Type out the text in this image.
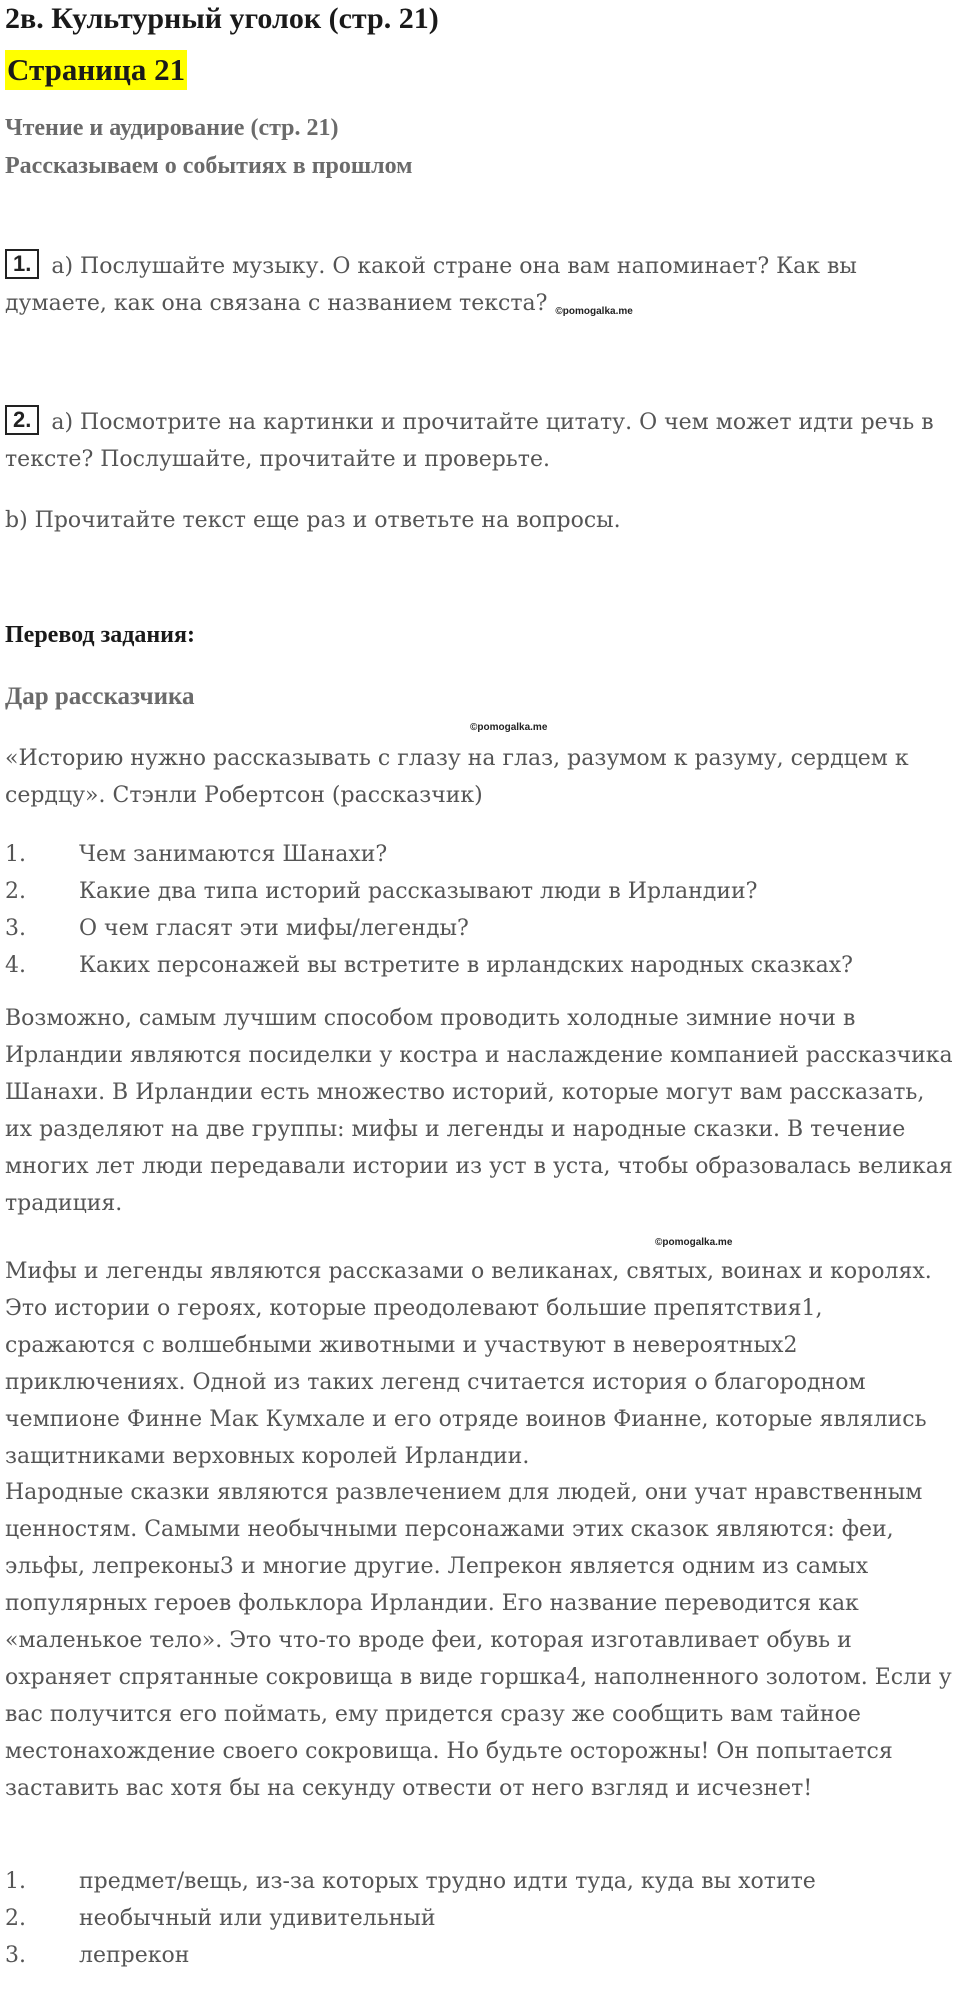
2в. Культурный уголок (стр. 21)
Страница 21
Чтение и аудирование (стр. 21)
Рассказываем о событиях в прошлом
1. a) Послушайте музыку. О какой стране она вам напоминает? Как вы думаете, как она связана с названием текста? ©pomogalka.me
2. a) Посмотрите на картинки и прочитайте цитату. О чем может идти речь в тексте? Послушайте, прочитайте и проверьте.
b) Прочитайте текст еще раз и ответьте на вопросы.
Перевод задания:
Дар рассказчика
©pomogalka.me
«Историю нужно рассказывать с глазу на глаз, разумом к разуму, сердцем к сердцу». Стэнли Робертсон (рассказчик)
1. Чем занимаются Шанахи?
2. Какие два типа историй рассказывают люди в Ирландии?
3. О чем гласят эти мифы/легенды?
4. Каких персонажей вы встретите в ирландских народных сказках?
Возможно, самым лучшим способом проводить холодные зимние ночи в Ирландии являются посиделки у костра и наслаждение компанией рассказчика Шанахи. В Ирландии есть множество историй, которые могут вам рассказать, их разделяют на две группы: мифы и легенды и народные сказки. В течение многих лет люди передавали истории из уст в уста, чтобы образовалась великая традиция.
©pomogalka.me
Мифы и легенды являются рассказами о великанах, святых, воинах и королях. Это истории о героях, которые преодолевают большие препятствия1, сражаются с волшебными животными и участвуют в невероятных2 приключениях. Одной из таких легенд считается история о благородном чемпионе Финне Мак Кумхале и его отряде воинов Фианне, которые являлись защитниками верховных королей Ирландии.
Народные сказки являются развлечением для людей, они учат нравственным ценностям. Самыми необычными персонажами этих сказок являются: феи, эльфы, лепреконы3 и многие другие. Лепрекон является одним из самых популярных героев фольклора Ирландии. Его название переводится как «маленькое тело». Это что-то вроде феи, которая изготавливает обувь и охраняет спрятанные сокровища в виде горшка4, наполненного золотом. Если у вас получится его поймать, ему придется сразу же сообщить вам тайное местонахождение своего сокровища. Но будьте осторожны! Он попытается заставить вас хотя бы на секунду отвести от него взгляд и исчезнет!
1. предмет/вещь, из-за которых трудно идти туда, куда вы хотите
2. необычный или удивительный
3. лепрекон
